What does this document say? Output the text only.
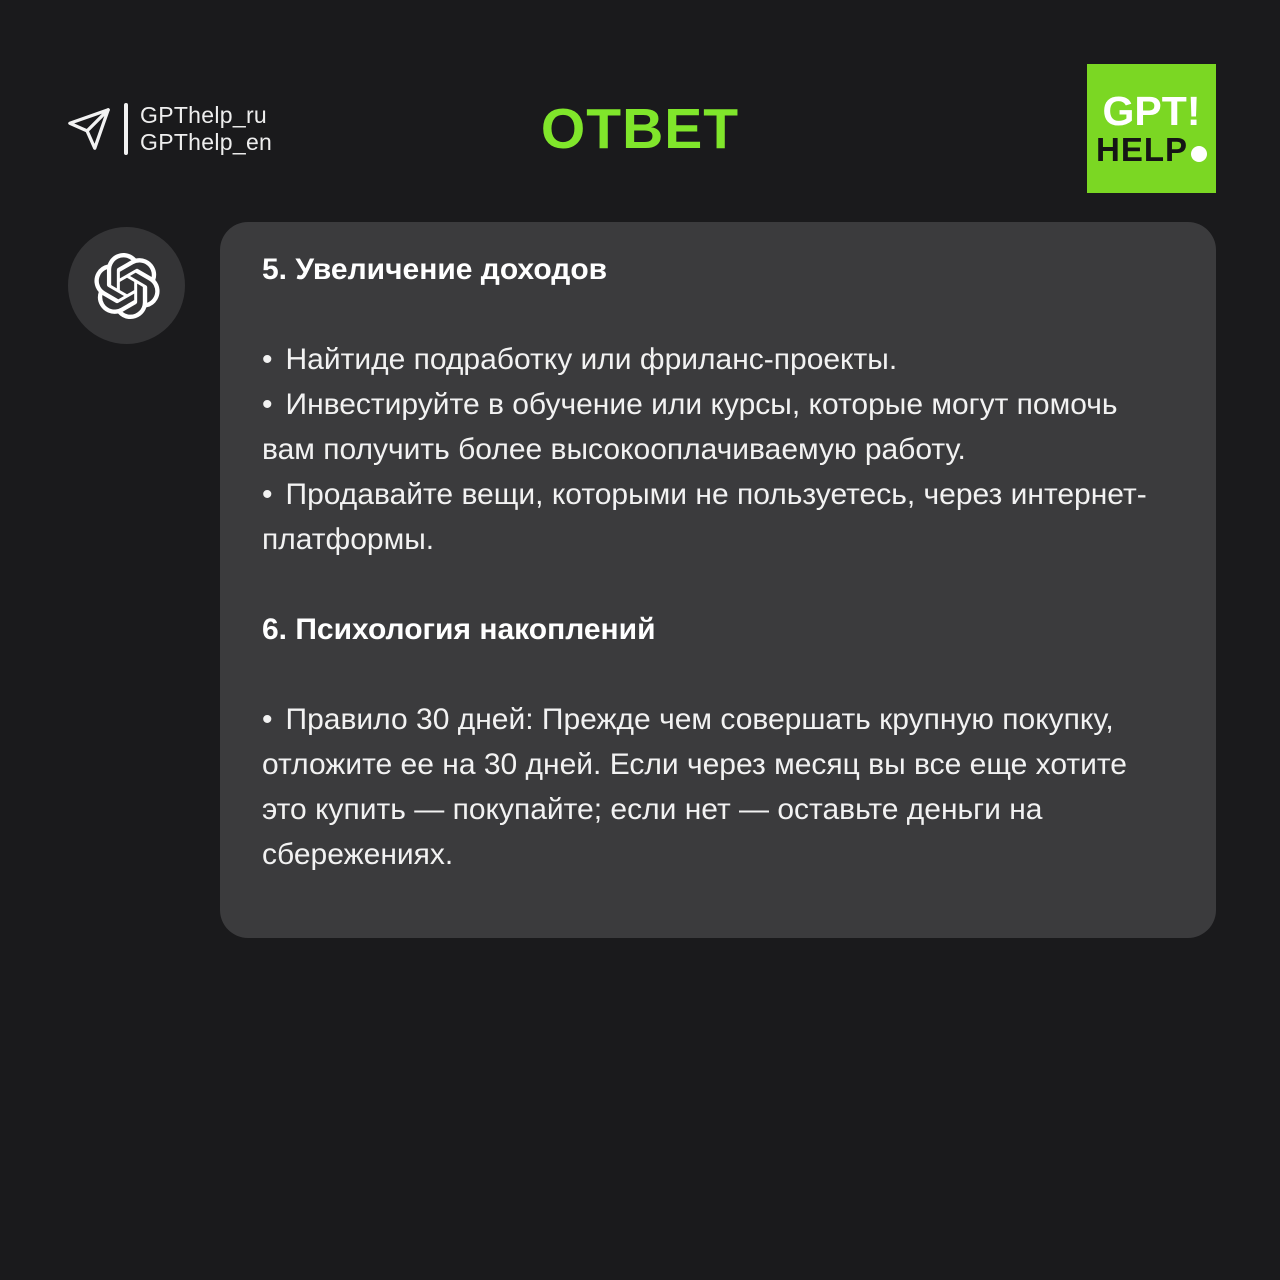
GPThelp_ru
GPThelp_en	ОТВЕТ	GPT!
HELP

5. Увеличение доходов

• Найтиде подработку или фриланс-проекты.

• Инвестируйте в обучение или курсы, которые могут помочь вам получить более высокооплачиваемую работу.

• Продавайте вещи, которыми не пользуетесь, через интернет-платформы.

6. Психология накоплений

• Правило 30 дней: Прежде чем совершать крупную покупку, отложите ее на 30 дней. Если через месяц вы все еще хотите это купить — покупайте; если нет — оставьте деньги на сбережениях.
